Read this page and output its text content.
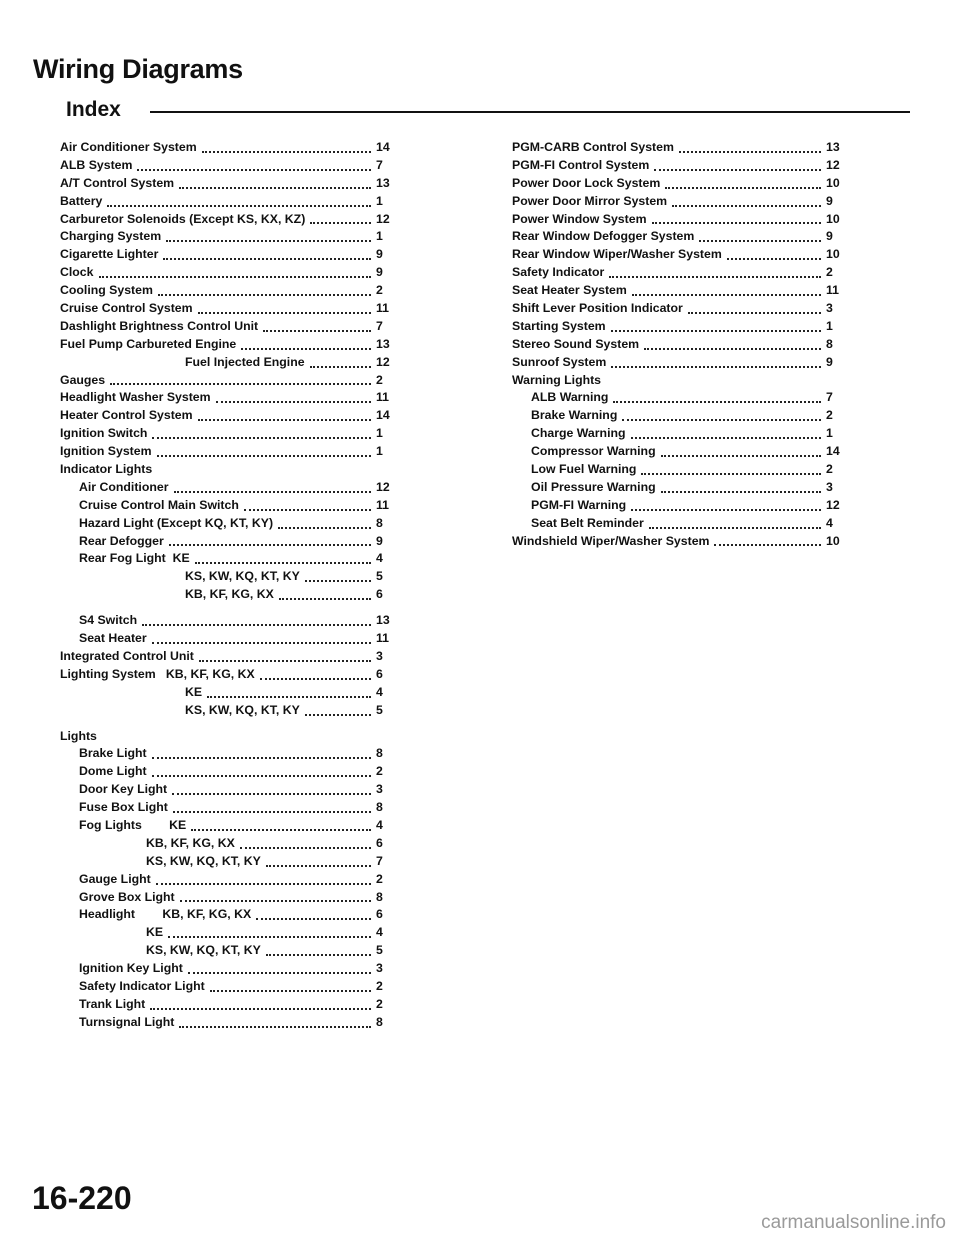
Wiring Diagrams
Index
Air Conditioner System	14
ALB System	7
A/T Control System	13
Battery	1
Carburetor Solenoids (Except KS, KX, KZ)	12
Charging System	1
Cigarette Lighter	9
Clock	9
Cooling System	2
Cruise Control System	11
Dashlight Brightness Control Unit	7
Fuel Pump Carbureted Engine	13
Fuel Injected Engine	12
Gauges	2
Headlight Washer System	11
Heater Control System	14
Ignition Switch	1
Ignition System	1
Indicator Lights
Air Conditioner	12
Cruise Control Main Switch	11
Hazard Light (Except KQ, KT, KY)	8
Rear Defogger	9
Rear Fog Light  KE	4
KS, KW, KQ, KT, KY	5
KB, KF, KG, KX	6
S4 Switch	13
Seat Heater	11
Integrated Control Unit	3
Lighting System   KB, KF, KG, KX	6
KE	4
KS, KW, KQ, KT, KY	5
Lights
Brake Light	8
Dome Light	2
Door Key Light	3
Fuse Box Light	8
Fog Lights        KE	4
KB, KF, KG, KX	6
KS, KW, KQ, KT, KY	7
Gauge Light	2
Grove Box Light	8
Headlight        KB, KF, KG, KX	6
KE	4
KS, KW, KQ, KT, KY	5
Ignition Key Light	3
Safety Indicator Light	2
Trank Light	2
Turnsignal Light	8
PGM-CARB Control System	13
PGM-FI Control System	12
Power Door Lock System	10
Power Door Mirror System	9
Power Window System	10
Rear Window Defogger System	9
Rear Window Wiper/Washer System	10
Safety Indicator	2
Seat Heater System	11
Shift Lever Position Indicator	3
Starting System	1
Stereo Sound System	8
Sunroof System	9
Warning Lights
ALB Warning	7
Brake Warning	2
Charge Warning	1
Compressor Warning	14
Low Fuel Warning	2
Oil Pressure Warning	3
PGM-FI Warning	12
Seat Belt Reminder	4
Windshield Wiper/Washer System	10
16-220
carmanualsonline.info
